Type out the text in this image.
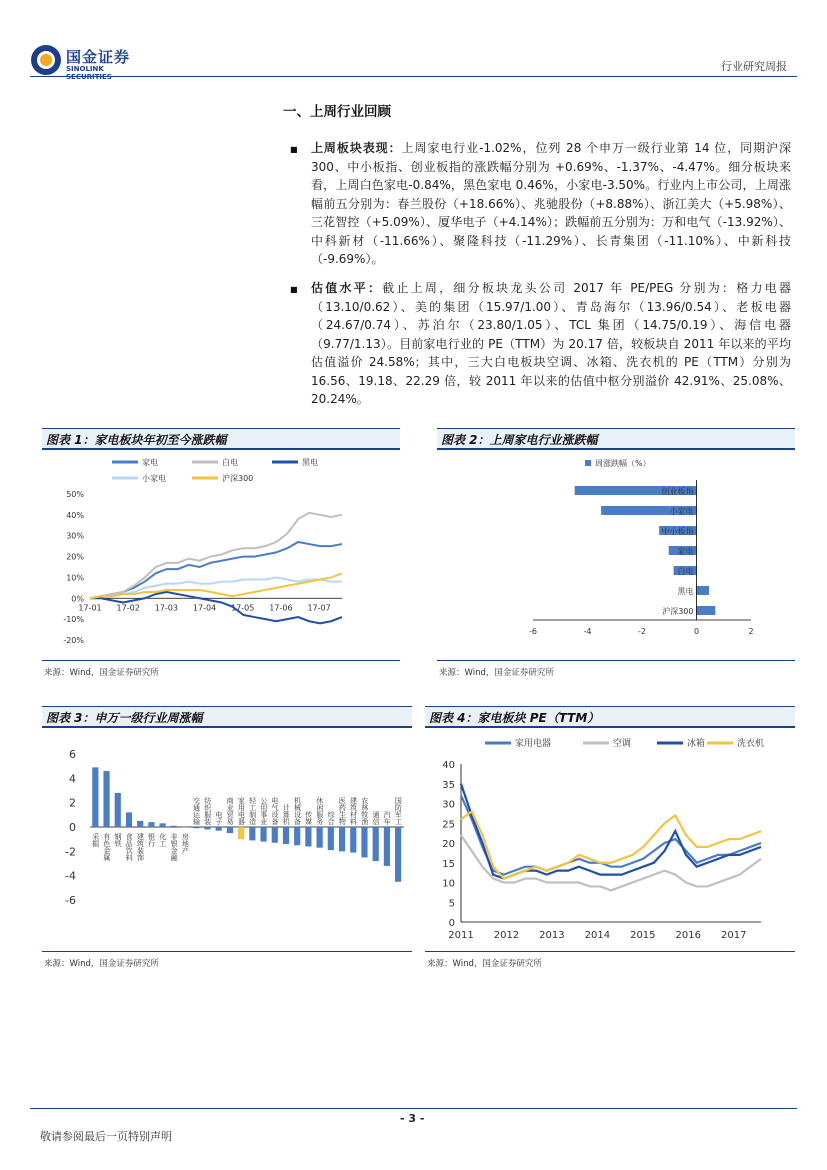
国金证券
SINOLINK SECURITIES
行业研究周报
一、上周行业回顾
■ 上周板块表现：上周家电行业-1.02%，位列 28 个申万一级行业第 14 位，同期沪深 300、中小板指、创业板指的涨跌幅分别为 +0.69%、-1.37%、-4.47%。细分板块来看，上周白色家电-0.84%，黑色家电 0.46%，小家电-3.50%。行业内上市公司，上周涨幅前五分别为：春兰股份（+18.66%）、兆驰股份（+8.88%）、浙江美大（+5.98%）、三花智控（+5.09%）、厦华电子（+4.14%）；跌幅前五分别为：万和电气（-13.92%）、中科新材（-11.66%）、聚隆科技（-11.29%）、长青集团（-11.10%）、中新科技（-9.69%）。
■ 估值水平：截止上周，细分板块龙头公司 2017 年 PE/PEG 分别为：格力电器（13.10/0.62）、美的集团（15.97/1.00）、青岛海尔（13.96/0.54）、老板电器（24.67/0.74）、苏泊尔（23.80/1.05）、TCL 集团（14.75/0.19）、海信电器（9.77/1.13）。目前家电行业的 PE（TTM）为 20.17 倍，较板块自 2011 年以来的平均估值溢价 24.58%；其中，三大白电板块空调、冰箱、洗衣机的 PE（TTM）分别为 16.56、19.18、22.29 倍，较 2011 年以来的估值中枢分别溢价 42.91%、25.08%、20.24%。
图表 1：家电板块年初至今涨跌幅
家电	白电	黑电
小家电	沪深300
50%
40%
30%
20%
10%
0%
-10%
-20%
17-01 17-02 17-03 17-04 17-05 17-06 17-07
来源：Wind，国金证券研究所
图表 2：上周家电行业涨跌幅
周涨跌幅（%）
创业板指
小家电
中小板指
家电
白电
黑电
沪深300
-6	-4	-2	0	2
来源：Wind，国金证券研究所
图表 3：申万一级行业周涨幅
6
4
2
0
-2
-4
-6
采掘 有色金属 钢铁 食品饮料 建筑装饰 银行 化工 非银金融 房地产
交通运输 纺织服装 电子 商业贸易 家用电器 轻工制造 公用事业 电气设备 计算机 机械设备 传媒 休闲服务 综合 医药生物 建筑材料 农林牧渔 通信 汽车 国防军工
来源：Wind，国金证券研究所
图表 4：家电板块 PE（TTM）
家用电器	空调	冰箱	洗衣机
40
35
30
25
20
15
10
5
0
2011 2012 2013 2014 2015 2016 2017
来源：Wind，国金证券研究所
- 3 -
敬请参阅最后一页特别声明
